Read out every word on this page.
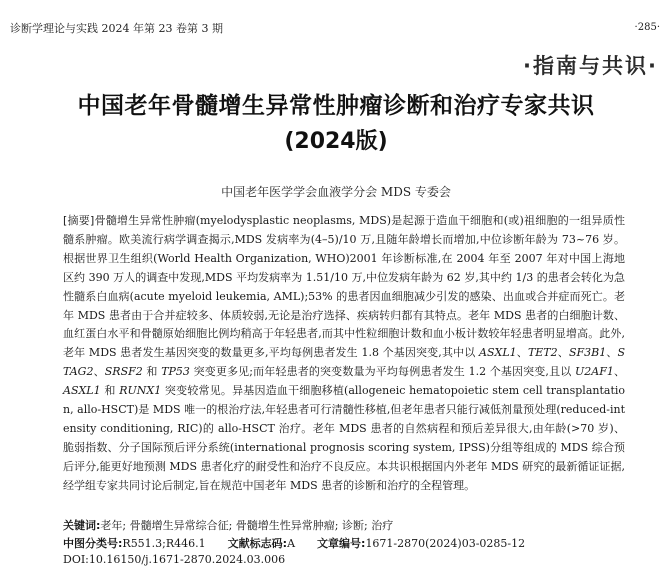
诊断学理论与实践 2024 年第 23 卷第 3 期	·285·
·指南与共识·
中国老年骨髓增生异常性肿瘤诊断和治疗专家共识
(2024版)
中国老年医学学会血液学分会 MDS 专委会
[摘要]骨髓增生异常性肿瘤(myelodysplastic neoplasms, MDS)是起源于造血干细胞和(或)祖细胞的一组异质性髓系肿瘤。欧美流行病学调查揭示,MDS 发病率为(4–5)/10 万,且随年龄增长而增加,中位诊断年龄为 73~76 岁。根据世界卫生组织(World Health Organization, WHO)2001 年诊断标准,在 2004 年至 2007 年对中国上海地区约 390 万人的调查中发现,MDS 平均发病率为 1.51/10 万,中位发病年龄为 62 岁,其中约 1/3 的患者会转化为急性髓系白血病(acute myeloid leukemia, AML);53% 的患者因血细胞减少引发的感染、出血或合并症而死亡。老年 MDS 患者由于合并症较多、体质较弱,无论是治疗选择、疾病转归都有其特点。老年 MDS 患者的白细胞计数、血红蛋白水平和骨髓原始细胞比例均稍高于年轻患者,而其中性粒细胞计数和血小板计数较年轻患者明显增高。此外,老年 MDS 患者发生基因突变的数量更多,平均每例患者发生 1.8 个基因突变,其中以 ASXL1、TET2、SF3B1、STAG2、SRSF2 和 TP53 突变更多见;而年轻患者的突变数量为平均每例患者发生 1.2 个基因突变,且以 U2AF1、ASXL1 和 RUNX1 突变较常见。异基因造血干细胞移植(allogeneic hematopoietic stem cell transplantation, allo-HSCT)是 MDS 唯一的根治疗法,年轻患者可行清髓性移植,但老年患者只能行减低剂量预处理(reduced-intensity conditioning, RIC)的 allo-HSCT 治疗。老年 MDS 患者的自然病程和预后差异很大,由年龄(>70 岁)、脆弱指数、分子国际预后评分系统(international prognosis scoring system, IPSS)分组等组成的 MDS 综合预后评分,能更好地预测 MDS 患者化疗的耐受性和治疗不良反应。本共识根据国内外老年 MDS 研究的最新循证证据,经学组专家共同讨论后制定,旨在规范中国老年 MDS 患者的诊断和治疗的全程管理。
关键词:老年; 骨髓增生异常综合征; 骨髓增生性异常肿瘤; 诊断; 治疗
中图分类号:R551.3;R446.1 文献标志码:A 文章编号:1671-2870(2024)03-0285-12
DOI:10.16150/j.1671-2870.2024.03.006
